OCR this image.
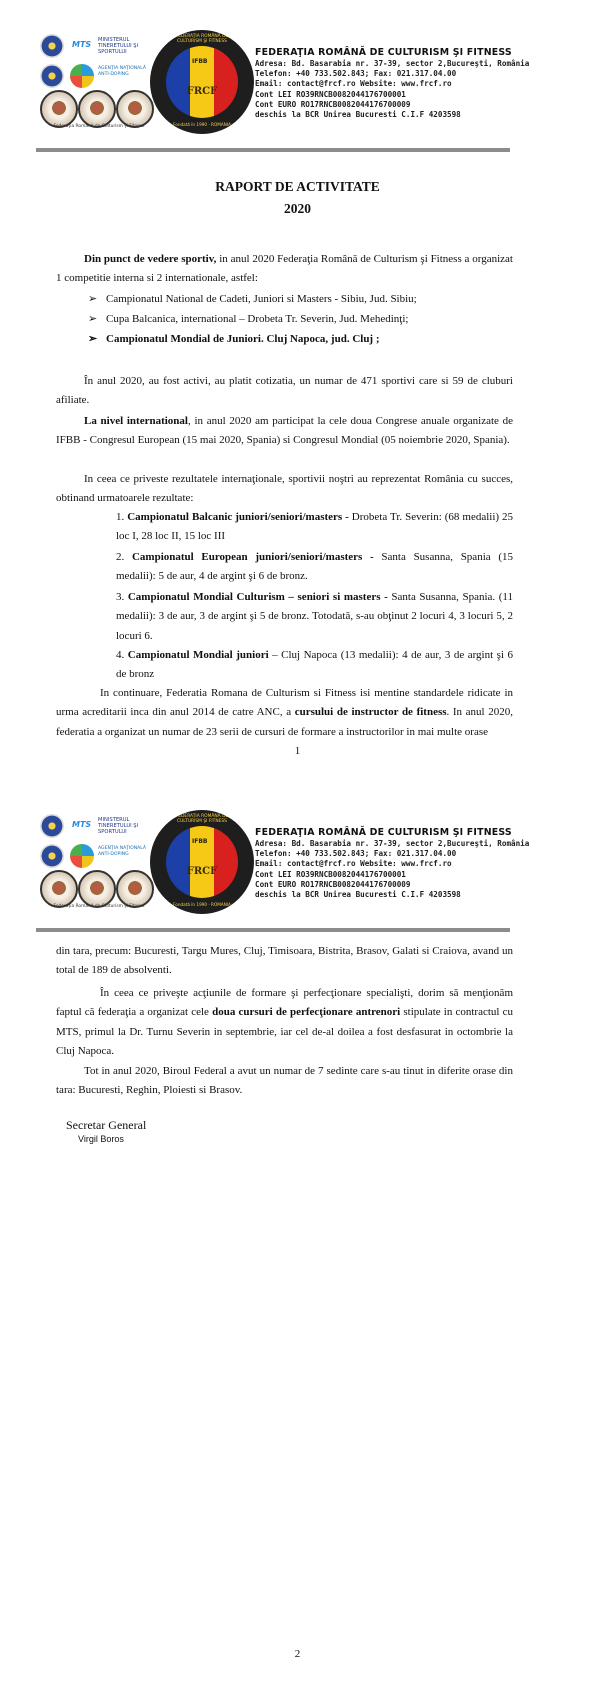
MTS MINISTERUL TINERETULUI ŞI SPORTULUI
AGENŢIA NAŢIONALĂ ANTI-DOPING
Federaţia Română de Culturism şi Fitness
FEDERAŢIA ROMÂNĂ DE CULTURISM ŞI FITNESS
IFBB
FRCF
Fondată în 1990 · ROMANIA
FEDERAŢIA ROMÂNĂ DE CULTURISM ŞI FITNESS
Adresa: Bd. Basarabia nr. 37-39, sector 2,Bucureşti, România
Telefon: +40 733.502.843; Fax: 021.317.04.00
Email: contact@frcf.ro Website: www.frcf.ro
Cont LEI RO39RNCB0082044176700001
Cont EURO RO17RNCB0082044176700009
deschis la BCR Unirea Bucuresti C.I.F 4203598
RAPORT DE ACTIVITATE
2020
Din punct de vedere sportiv, in anul 2020 Federaţia Română de Culturism şi Fitness a organizat 1 competitie interna si 2 internationale, astfel:
➢ Campionatul National de Cadeti, Juniori si Masters - Sibiu, Jud. Sibiu;
➢ Cupa Balcanica, international – Drobeta Tr. Severin, Jud. Mehedinţi;
➢ Campionatul Mondial de Juniori. Cluj Napoca, jud. Cluj ;
În anul 2020, au fost activi, au platit cotizatia, un numar de 471 sportivi care si 59 de cluburi afiliate.
La nivel international, in anul 2020 am participat la cele doua Congrese anuale organizate de IFBB - Congresul European (15 mai 2020, Spania) si Congresul Mondial (05 noiembrie 2020, Spania).
In ceea ce priveste rezultatele internaţionale, sportivii noştri au reprezentat România cu succes, obtinand urmatoarele rezultate:
1. Campionatul Balcanic juniori/seniori/masters - Drobeta Tr. Severin: (68 medalii) 25 loc I, 28 loc II, 15 loc III
2. Campionatul European juniori/seniori/masters - Santa Susanna, Spania (15 medalii): 5 de aur, 4 de argint şi 6 de bronz.
3. Campionatul Mondial Culturism – seniori si masters - Santa Susanna, Spania. (11 medalii): 3 de aur, 3 de argint şi 5 de bronz. Totodată, s-au obţinut 2 locuri 4, 3 locuri 5, 2 locuri 6.
4. Campionatul Mondial juniori – Cluj Napoca (13 medalii): 4 de aur, 3 de argint şi 6 de bronz
In continuare, Federatia Romana de Culturism si Fitness isi mentine standardele ridicate in urma acreditarii inca din anul 2014 de catre ANC, a cursului de instructor de fitness. In anul 2020, federatia a organizat un numar de 23 serii de cursuri de formare a instructorilor in mai multe orase
1
MTS MINISTERUL TINERETULUI ŞI SPORTULUI
AGENŢIA NAŢIONALĂ ANTI-DOPING
Federaţia Română de Culturism şi Fitness
FEDERAŢIA ROMÂNĂ DE CULTURISM ŞI FITNESS
IFBB
FRCF
Fondată în 1990 · ROMANIA
FEDERAŢIA ROMÂNĂ DE CULTURISM ŞI FITNESS
Adresa: Bd. Basarabia nr. 37-39, sector 2,Bucureşti, România
Telefon: +40 733.502.843; Fax: 021.317.04.00
Email: contact@frcf.ro Website: www.frcf.ro
Cont LEI RO39RNCB0082044176700001
Cont EURO RO17RNCB0082044176700009
deschis la BCR Unirea Bucuresti C.I.F 4203598
din tara, precum: Bucuresti, Targu Mures, Cluj, Timisoara, Bistrita, Brasov, Galati si Craiova, avand un total de 189 de absolventi.
În ceea ce priveşte acţiunile de formare şi perfecţionare specialişti, dorim să menţionăm faptul că federaţia a organizat cele doua cursuri de perfecţionare antrenori stipulate in contractul cu MTS, primul la Dr. Turnu Severin in septembrie, iar cel de-al doilea a fost desfasurat in octombrie la Cluj Napoca.
Tot in anul 2020, Biroul Federal a avut un numar de 7 sedinte care s-au tinut in diferite orase din tara: Bucuresti, Reghin, Ploiesti si Brasov.
Secretar General
Virgil Boros
2
